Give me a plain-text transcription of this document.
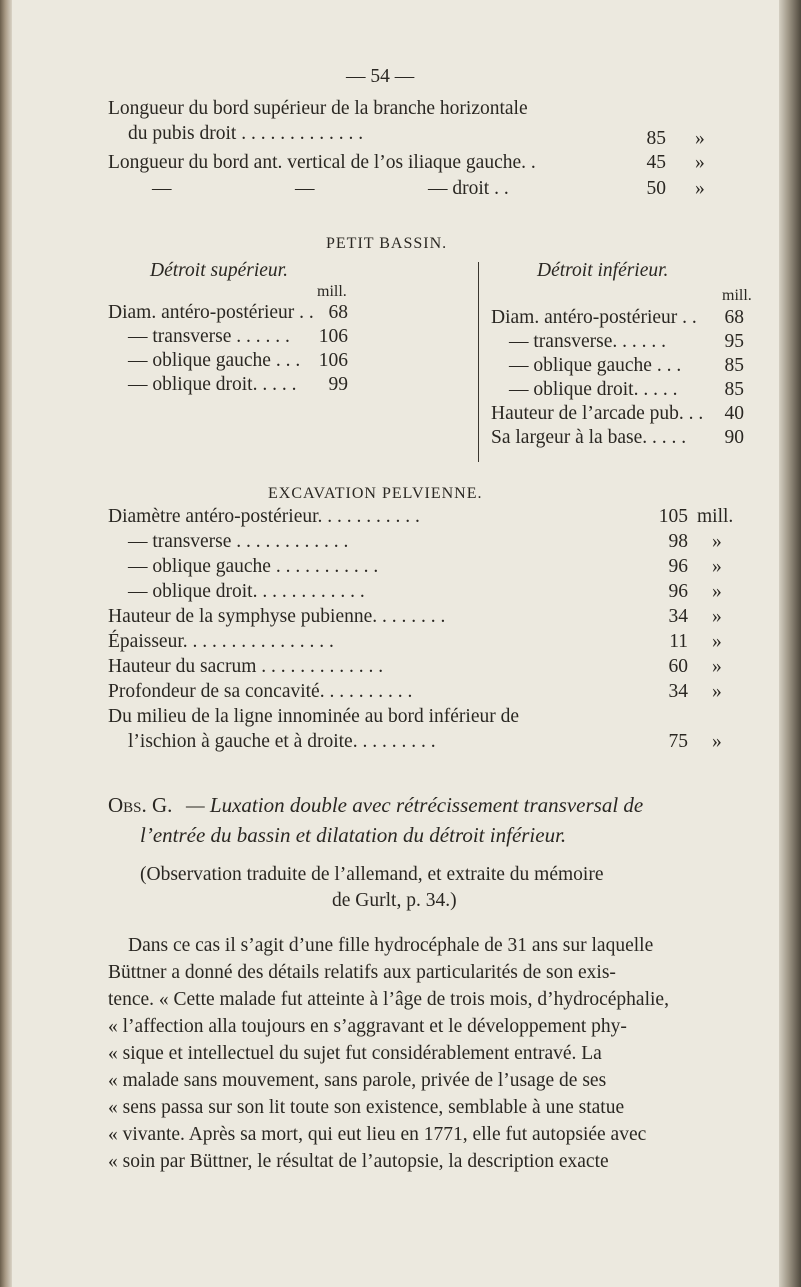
— 54 —
Longueur du bord supérieur de la branche horizontale
du pubis droit . . . . . . . . . . . . .	85 »
Longueur du bord ant. vertical de l’os iliaque gauche. .	45 »
—	—	— droit . .	50 »
PETIT BASSIN.
Détroit supérieur.
mill.
Détroit inférieur.
mill.
Diam. antéro-postérieur . . 68
— transverse . . . . . .	106
— oblique gauche . . . 106
— oblique droit. . . . .	99
Diam. antéro-postérieur . .	68
— transverse. . . . . .	95
— oblique gauche . . .	85
— oblique droit. . . . .	85
Hauteur de l’arcade pub. . .	40
Sa largeur à la base. . . . .	90
EXCAVATION PELVIENNE.
Diamètre antéro-postérieur. . . . . . . . . . .	105 mill.
— transverse . . . . . . . . . . . .	98 »
— oblique gauche . . . . . . . . . . .	96 »
— oblique droit. . . . . . . . . . . .	96 »
Hauteur de la symphyse pubienne. . . . . . . .	34 »
Épaisseur. . . . . . . . . . . . . . . .	11 »
Hauteur du sacrum . . . . . . . . . . . . .	60 »
Profondeur de sa concavité. . . . . . . . . .	34 »
Du milieu de la ligne innominée au bord inférieur de
l’ischion à gauche et à droite. . . . . . . . .	75 »
Obs. G. — Luxation double avec rétrécissement transversal de
l’entrée du bassin et dilatation du détroit inférieur.
(Observation traduite de l’allemand, et extraite du mémoire
de Gurlt, p. 34.)
Dans ce cas il s’agit d’une fille hydrocéphale de 31 ans sur laquelle
Büttner a donné des détails relatifs aux particularités de son exis-
tence. « Cette malade fut atteinte à l’âge de trois mois, d’hydrocéphalie,
« l’affection alla toujours en s’aggravant et le développement phy-
« sique et intellectuel du sujet fut considérablement entravé. La
« malade sans mouvement, sans parole, privée de l’usage de ses
« sens passa sur son lit toute son existence, semblable à une statue
« vivante. Après sa mort, qui eut lieu en 1771, elle fut autopsiée avec
« soin par Büttner, le résultat de l’autopsie, la description exacte
